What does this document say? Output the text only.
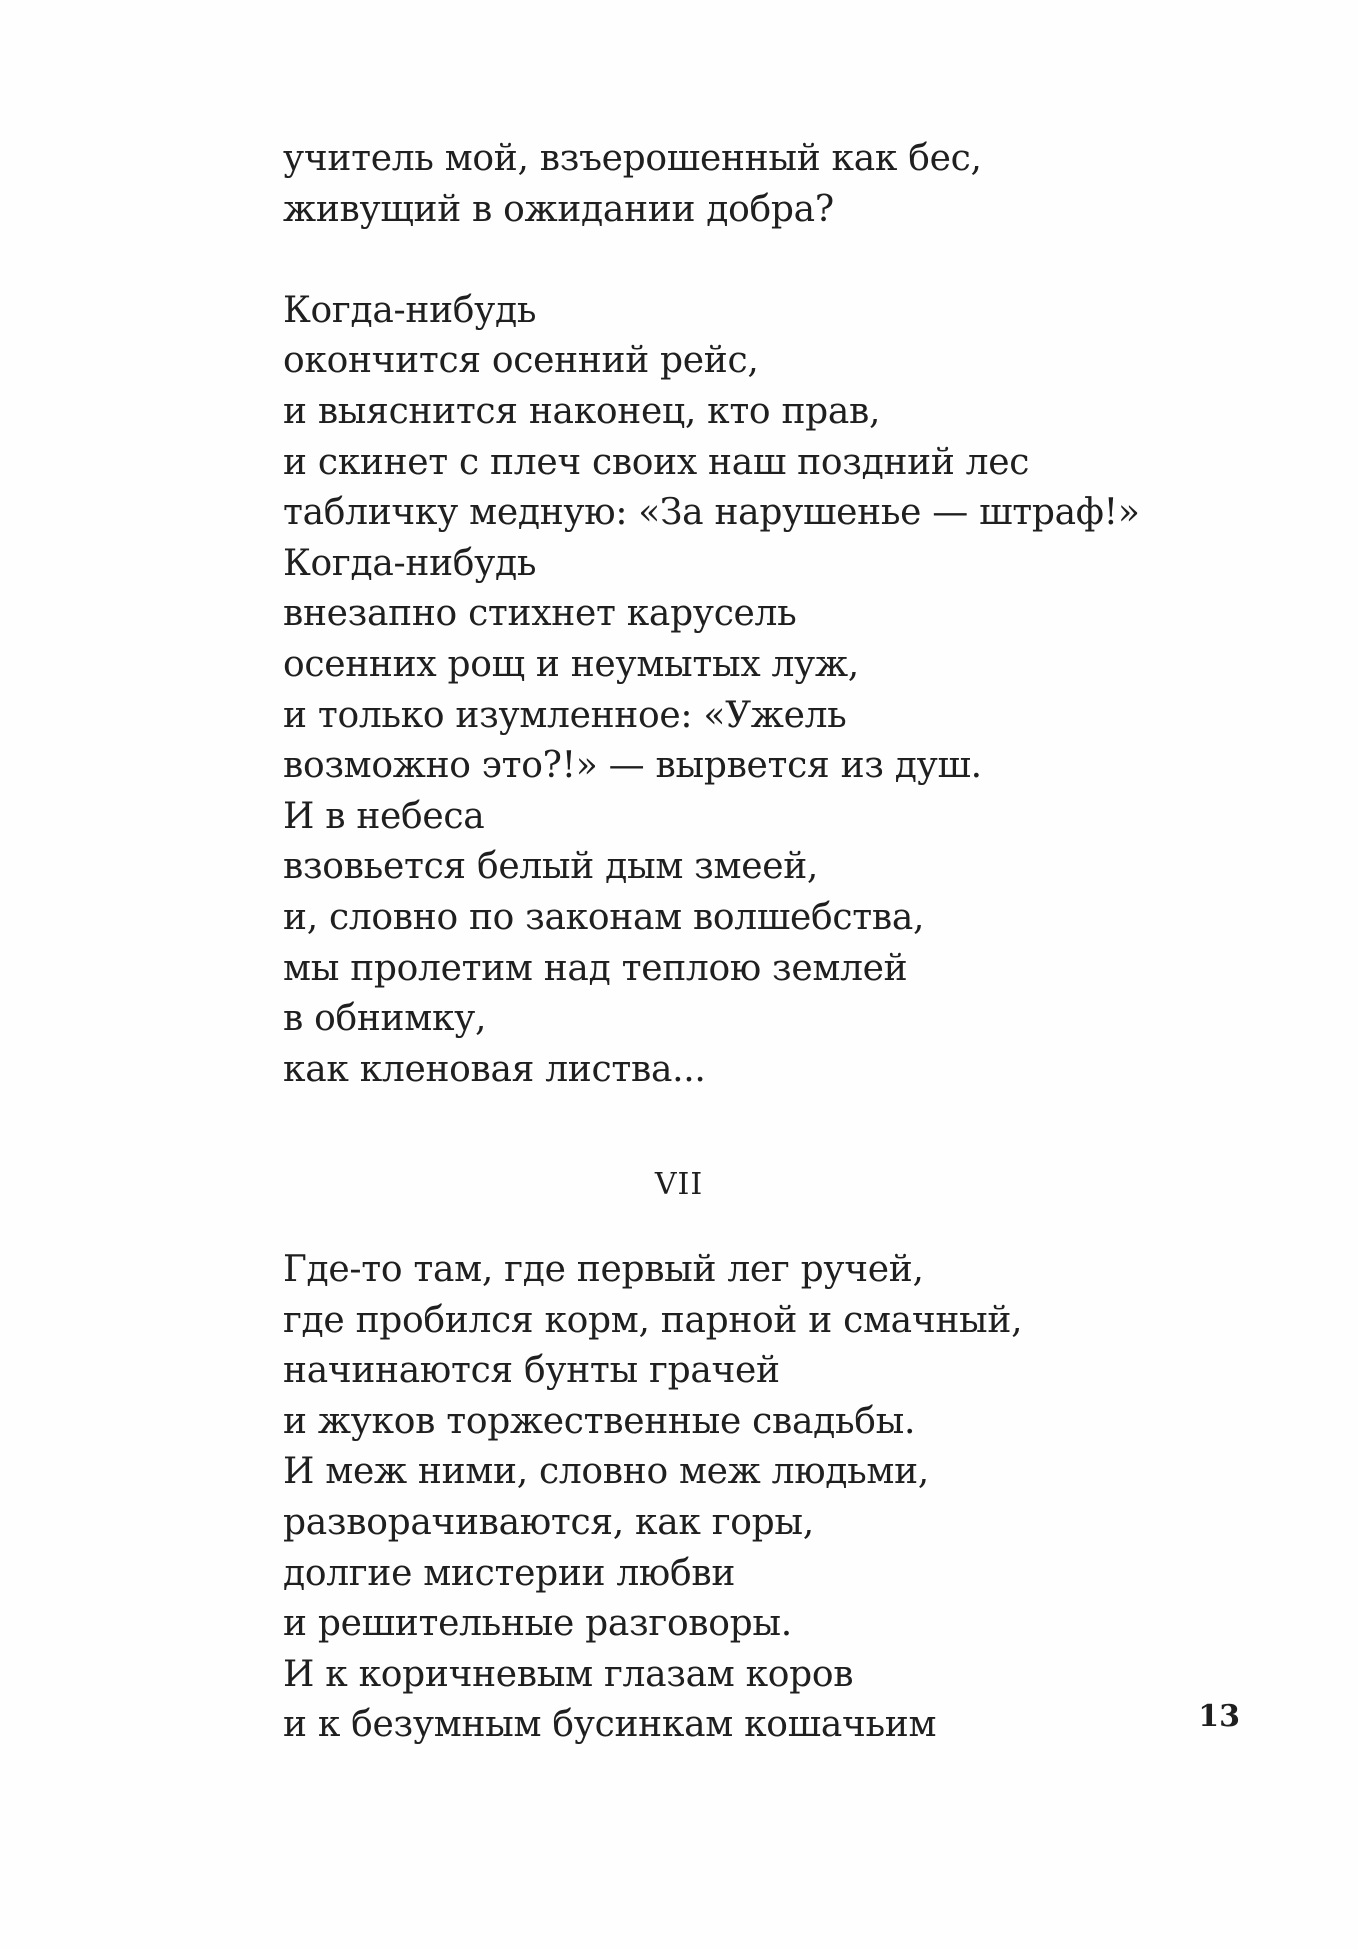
учитель мой, взъерошенный как бес,
живущий в ожидании добра?
Когда-нибудь
окончится осенний рейс,
и выяснится наконец, кто прав,
и скинет с плеч своих наш поздний лес
табличку медную: «За нарушенье — штраф!»
Когда-нибудь
внезапно стихнет карусель
осенних рощ и неумытых луж,
и только изумленное: «Ужель
возможно это?!» — вырвется из душ.
И в небеса
взовьется белый дым змеей,
и, словно по законам волшебства,
мы пролетим над теплою землей
в обнимку,
как кленовая листва...
VII
Где-то там, где первый лег ручей,
где пробился корм, парной и смачный,
начинаются бунты грачей
и жуков торжественные свадьбы.
И меж ними, словно меж людьми,
разворачиваются, как горы,
долгие мистерии любви
и решительные разговоры.
И к коричневым глазам коров
и к безумным бусинкам кошачьим	13
